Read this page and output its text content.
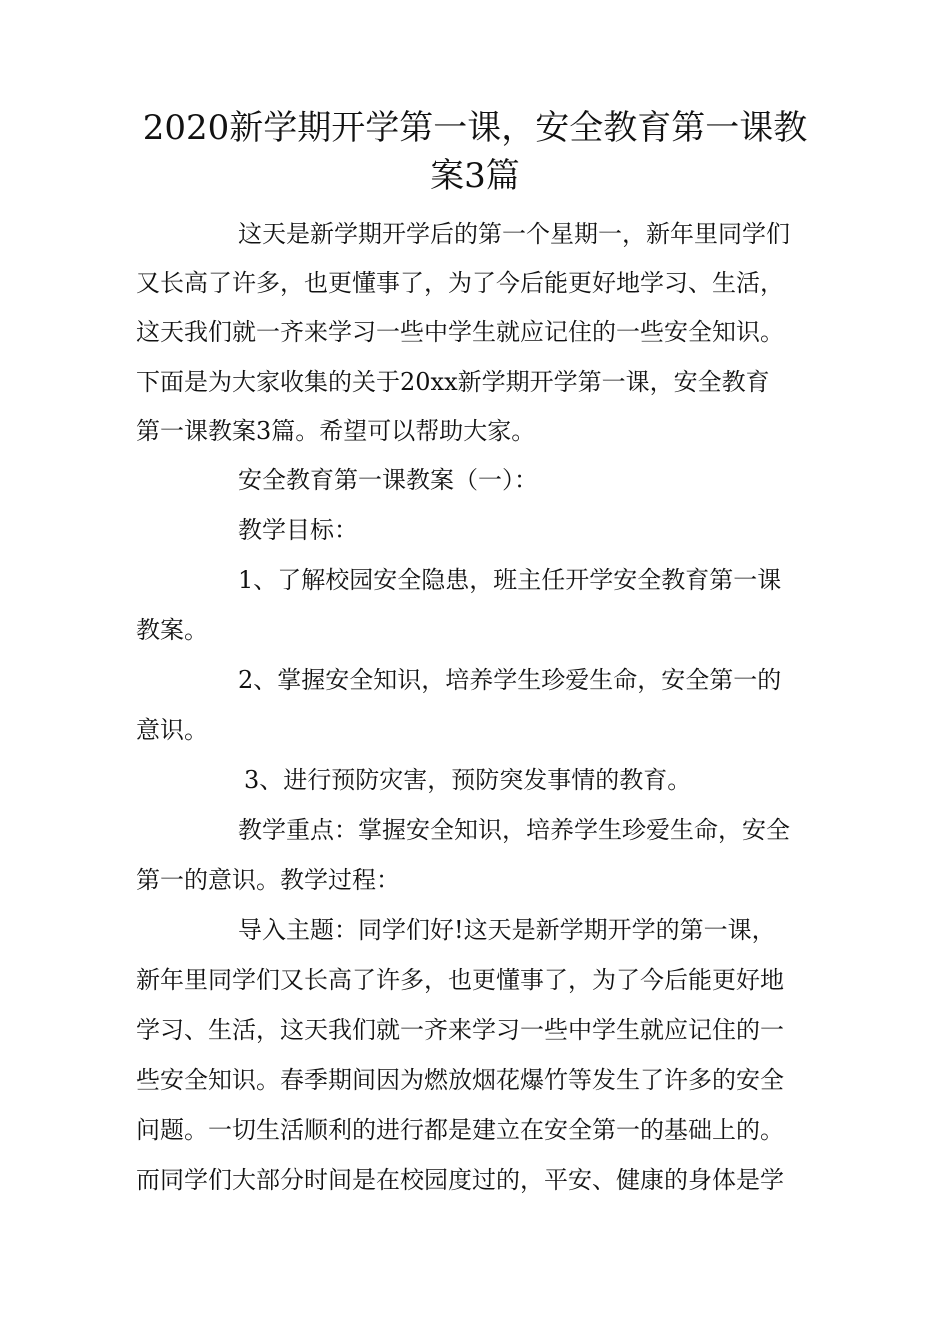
2020新学期开学第一课，安全教育第一课教
案3篇

这天是新学期开学后的第一个星期一，新年里同学们

又长高了许多，也更懂事了，为了今后能更好地学习、生活，

这天我们就一齐来学习一些中学生就应记住的一些安全知识。

下面是为大家收集的关于20xx新学期开学第一课，安全教育

第一课教案3篇。希望可以帮助大家。

安全教育第一课教案（一）：

教学目标：

1、了解校园安全隐患，班主任开学安全教育第一课

教案。

2、掌握安全知识，培养学生珍爱生命，安全第一的

意识。

3、进行预防灾害，预防突发事情的教育。

教学重点：掌握安全知识，培养学生珍爱生命，安全

第一的意识。教学过程：

导入主题：同学们好!这天是新学期开学的第一课，

新年里同学们又长高了许多，也更懂事了，为了今后能更好地

学习、生活，这天我们就一齐来学习一些中学生就应记住的一

些安全知识。春季期间因为燃放烟花爆竹等发生了许多的安全

问题。一切生活顺利的进行都是建立在安全第一的基础上的。

而同学们大部分时间是在校园度过的，平安、健康的身体是学
